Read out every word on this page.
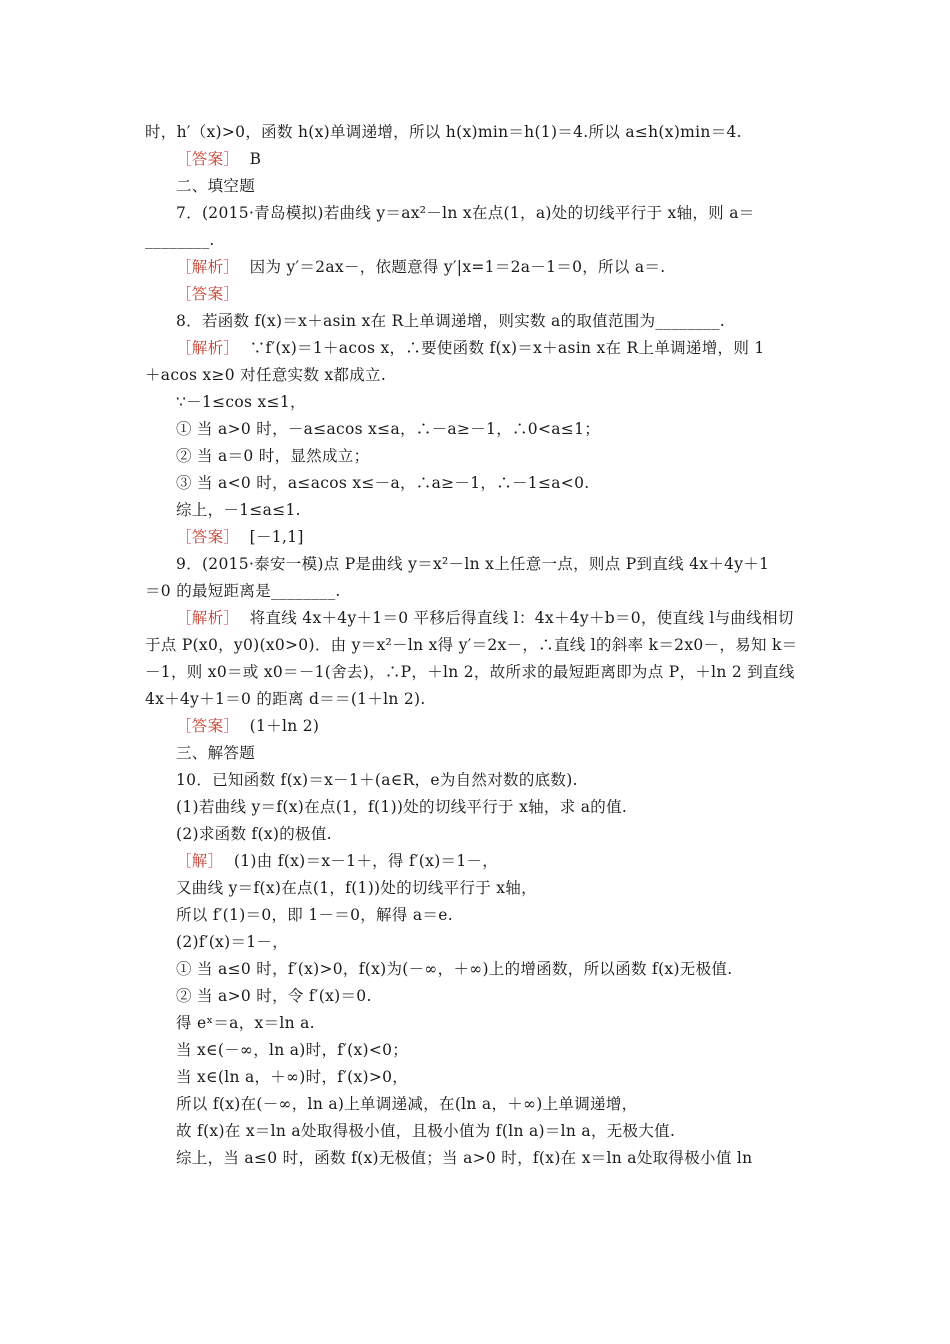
时，h′（x)>0，函数 h(x)单调递增，所以 h(x)min＝h(1)＝4.所以 a≤h(x)min＝4.
［答案］  B
二、填空题
7．(2015·青岛模拟)若曲线 y＝ax²－ln x在点(1，a)处的切线平行于 x轴，则 a＝
________.
［解析］  因为 y′＝2ax－，依题意得 y′|x=1＝2a－1＝0，所以 a＝.
［答案］
8．若函数 f(x)＝x＋asin x在 R上单调递增，则实数 a的取值范围为________.
［解析］  ∵f′(x)＝1＋acos x，∴要使函数 f(x)＝x＋asin x在 R上单调递增，则 1
＋acos x≥0 对任意实数 x都成立.
∵－1≤cos x≤1，
① 当 a>0 时，－a≤acos x≤a，∴－a≥－1，∴0<a≤1；
② 当 a＝0 时，显然成立；
③ 当 a<0 时，a≤acos x≤－a，∴a≥－1，∴－1≤a<0.
综上，－1≤a≤1.
［答案］  [－1,1]
9．(2015·泰安一模)点 P是曲线 y＝x²－ln x上任意一点，则点 P到直线 4x＋4y＋1
＝0 的最短距离是________.
［解析］  将直线 4x＋4y＋1＝0 平移后得直线 l：4x＋4y＋b＝0，使直线 l与曲线相切
于点 P(x0，y0)(x0>0)．由 y＝x²－ln x得 y′＝2x－，∴直线 l的斜率 k＝2x0－，易知 k＝
－1，则 x0＝或 x0＝－1(舍去)，∴P，＋ln 2，故所求的最短距离即为点 P，＋ln 2 到直线
4x＋4y＋1＝0 的距离 d＝＝(1＋ln 2).
［答案］  (1＋ln 2)
三、解答题
10．已知函数 f(x)＝x－1＋(a∈R，e为自然对数的底数).
(1)若曲线 y＝f(x)在点(1，f(1))处的切线平行于 x轴，求 a的值.
(2)求函数 f(x)的极值.
［解］  (1)由 f(x)＝x－1＋，得 f′(x)＝1－，
又曲线 y＝f(x)在点(1，f(1))处的切线平行于 x轴，
所以 f′(1)＝0，即 1－＝0，解得 a＝e.
(2)f′(x)＝1－，
① 当 a≤0 时，f′(x)>0，f(x)为(－∞，＋∞)上的增函数，所以函数 f(x)无极值.
② 当 a>0 时，令 f′(x)＝0.
得 eˣ＝a，x＝ln a.
当 x∈(－∞，ln a)时，f′(x)<0；
当 x∈(ln a，＋∞)时，f′(x)>0，
所以 f(x)在(－∞，ln a)上单调递减，在(ln a，＋∞)上单调递增，
故 f(x)在 x＝ln a处取得极小值，且极小值为 f(ln a)＝ln a，无极大值.
综上，当 a≤0 时，函数 f(x)无极值；当 a>0 时，f(x)在 x＝ln a处取得极小值 ln
